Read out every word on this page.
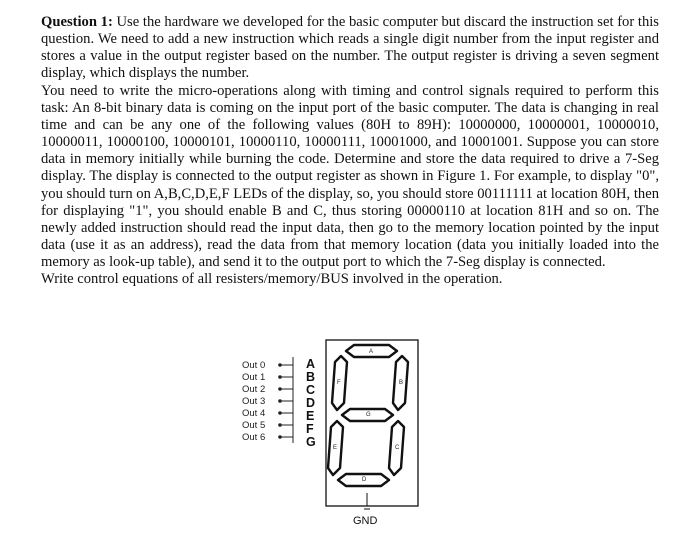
Question 1: Use the hardware we developed for the basic computer but discard the instruction set for this question. We need to add a new instruction which reads a single digit number from the input register and stores a value in the output register based on the number. The output register is driving a seven segment display, which displays the number.

You need to write the micro-operations along with timing and control signals required to perform this task: An 8-bit binary data is coming on the input port of the basic computer. The data is changing in real time and can be any one of the following values (80H to 89H): 10000000, 10000001, 10000010, 10000011, 10000100, 10000101, 10000110, 10000111, 10001000, and 10001001. Suppose you can store data in memory initially while burning the code. Determine and store the data required to drive a 7-Seg display. The display is connected to the output register as shown in Figure 1. For example, to display "0", you should turn on A,B,C,D,E,F LEDs of the display, so, you should store 00111111 at location 80H, then for displaying "1", you should enable B and C, thus storing 00000110 at location 81H and so on. The newly added instruction should read the input data, then go to the memory location pointed by the input data (use it as an address), read the data from that memory location (data you initially loaded into the memory as look-up table), and send it to the output port to which the 7-Seg display is connected.

Write control equations of all resisters/memory/BUS involved in the operation.

Out 0
Out 1
Out 2
Out 3
Out 4
Out 5
Out 6
A
B
C
D
E
F
G
A
B
C
D
E
F
G
GND
